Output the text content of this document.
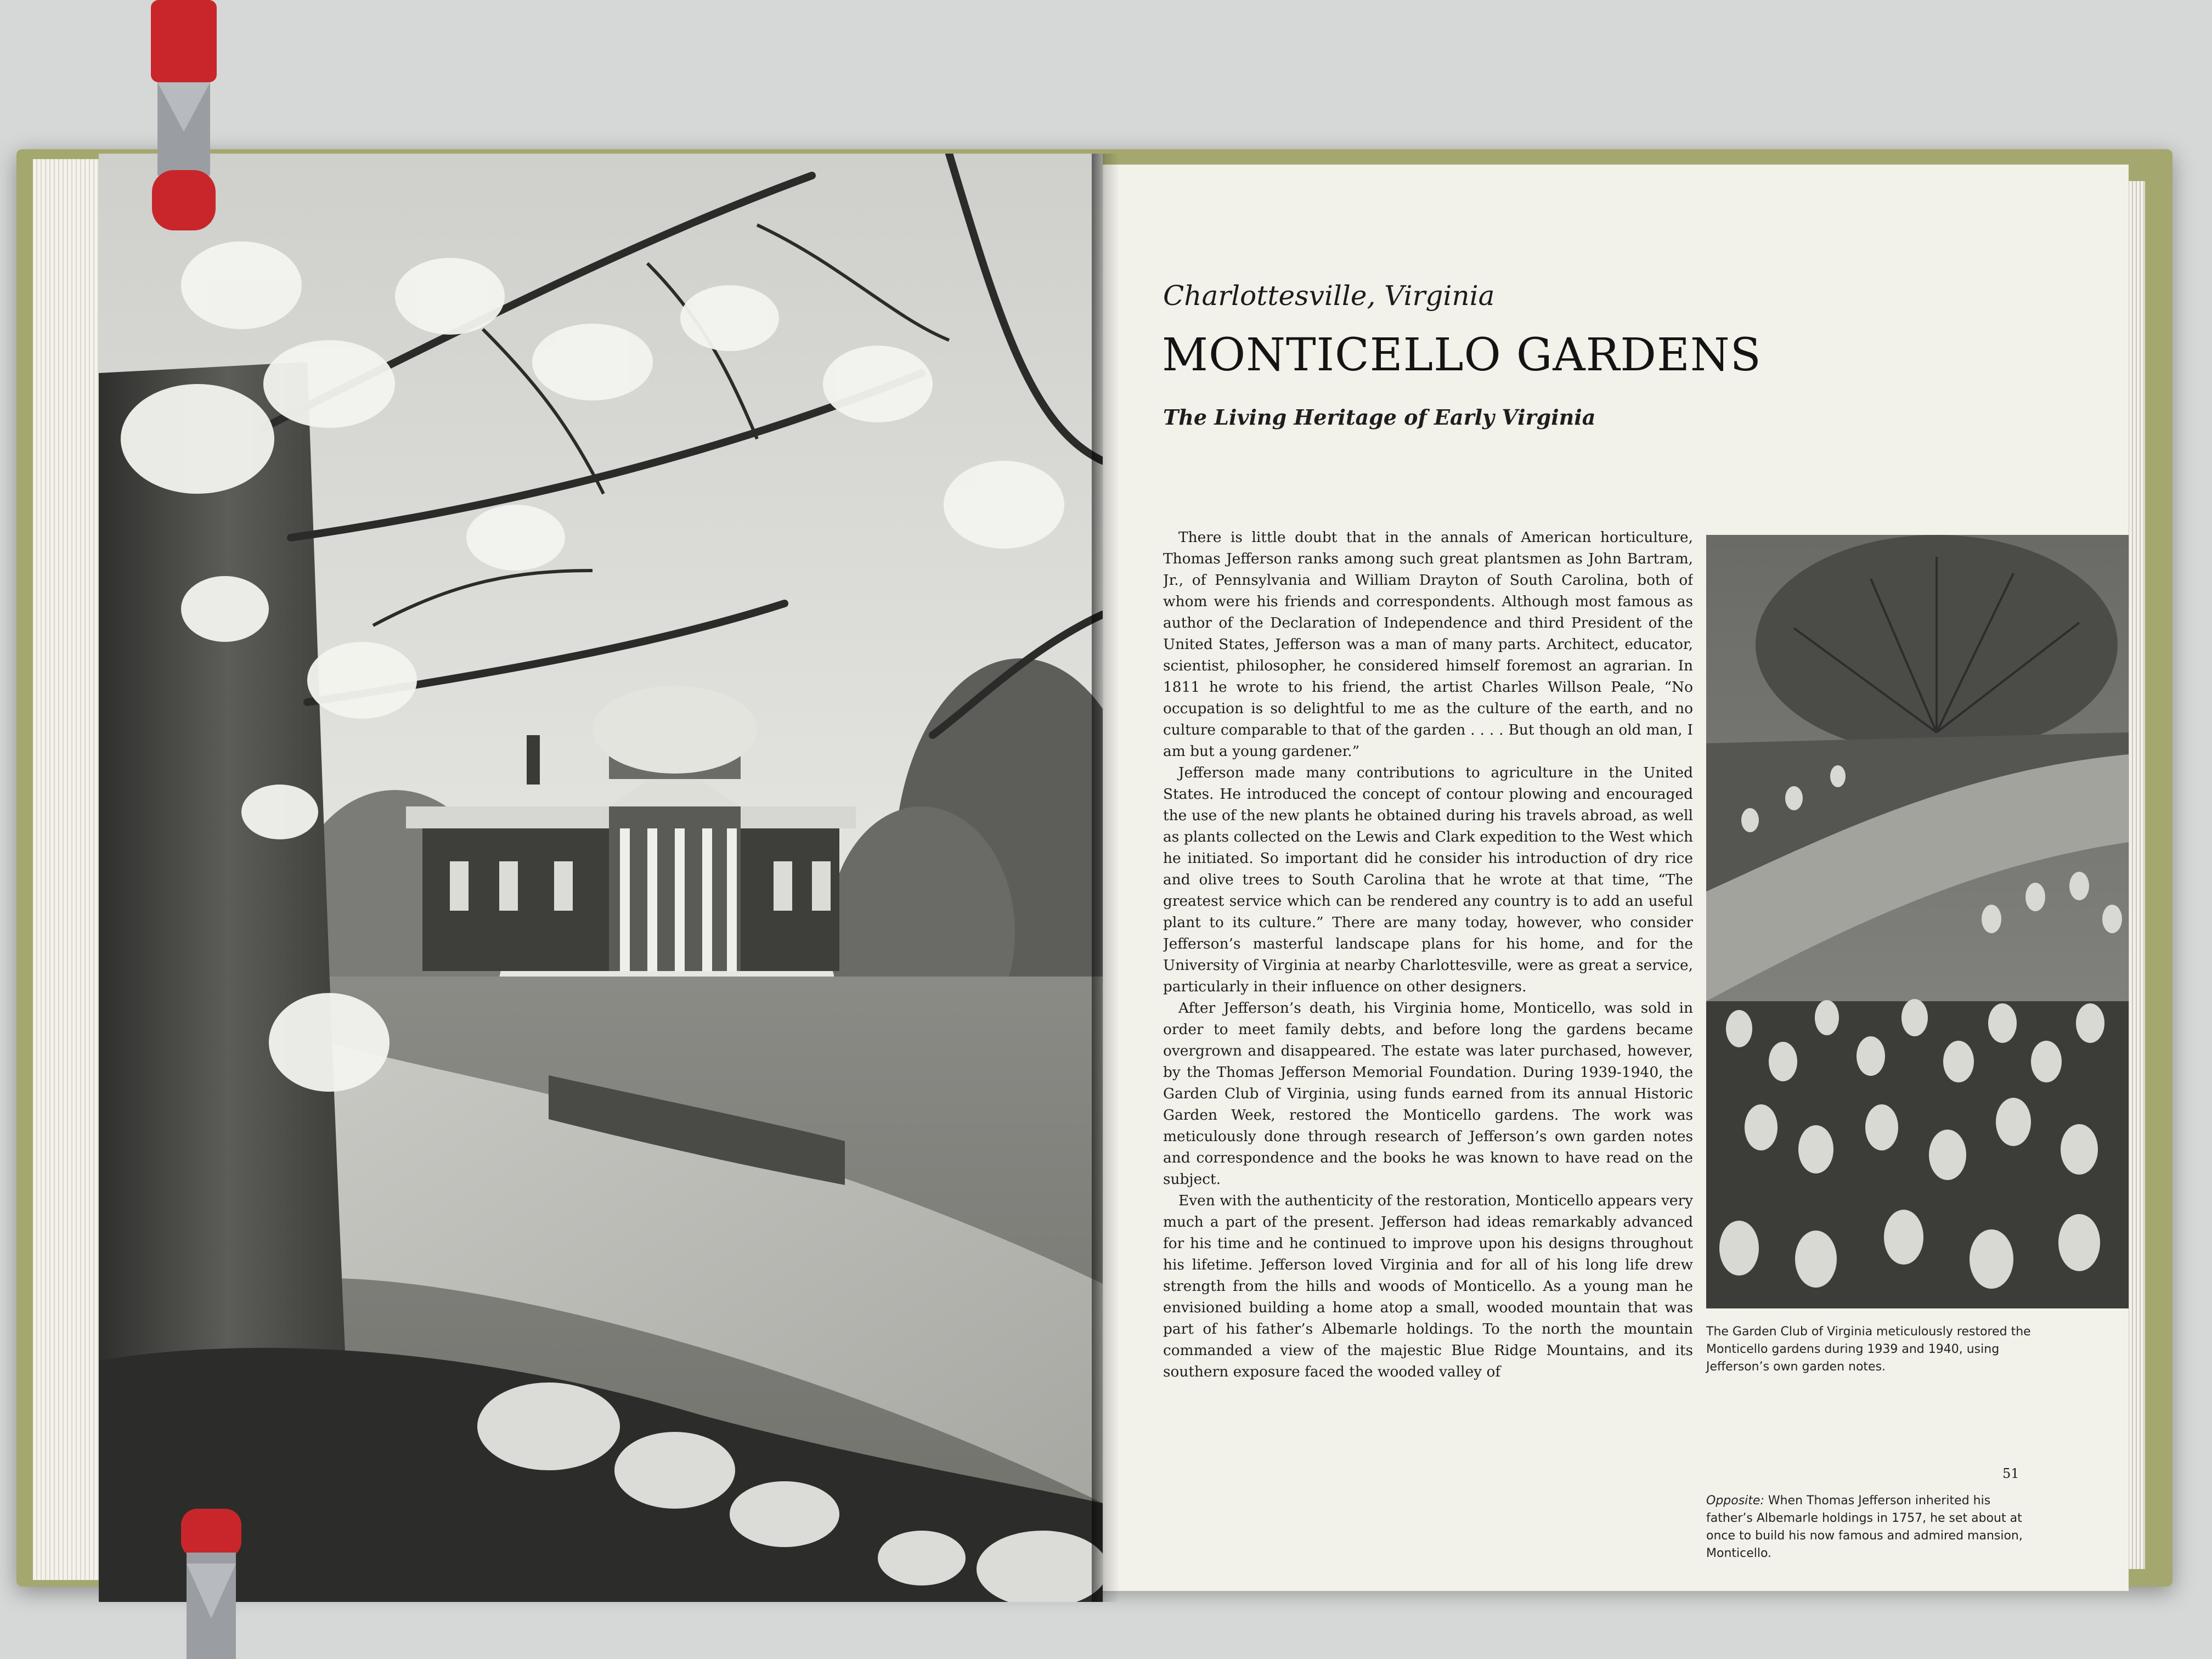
Charlottesville, Virginia

MONTICELLO GARDENS

The Living Heritage of Early Virginia

There is little doubt that in the annals of American horticulture, Thomas Jefferson ranks among such great plantsmen as John Bartram, Jr., of Pennsylvania and William Drayton of South Carolina, both of whom were his friends and correspondents. Although most famous as author of the Declaration of Independence and third President of the United States, Jefferson was a man of many parts. Architect, educator, scientist, philosopher, he considered himself foremost an agrarian. In 1811 he wrote to his friend, the artist Charles Willson Peale, “No occupation is so delightful to me as the culture of the earth, and no culture comparable to that of the garden . . . . But though an old man, I am but a young gardener.”

Jefferson made many contributions to agriculture in the United States. He introduced the concept of contour plowing and encouraged the use of the new plants he obtained during his travels abroad, as well as plants collected on the Lewis and Clark expedition to the West which he initiated. So important did he consider his introduction of dry rice and olive trees to South Carolina that he wrote at that time, “The greatest service which can be rendered any country is to add an useful plant to its culture.” There are many today, however, who consider Jefferson’s masterful landscape plans for his home, and for the University of Virginia at nearby Charlottesville, were as great a service, particularly in their influence on other designers.

After Jefferson’s death, his Virginia home, Monticello, was sold in order to meet family debts, and before long the gardens became overgrown and disappeared. The estate was later purchased, however, by the Thomas Jefferson Memorial Foundation. During 1939-1940, the Garden Club of Virginia, using funds earned from its annual Historic Garden Week, restored the Monticello gardens. The work was meticulously done through research of Jefferson’s own garden notes and correspondence and the books he was known to have read on the subject.

Even with the authenticity of the restoration, Monticello appears very much a part of the present. Jefferson had ideas remarkably advanced for his time and he continued to improve upon his designs throughout his lifetime. Jefferson loved Virginia and for all of his long life drew strength from the hills and woods of Monticello. As a young man he envisioned building a home atop a small, wooded mountain that was part of his father’s Albemarle holdings. To the north the mountain commanded a view of the majestic Blue Ridge Mountains, and its southern exposure faced the wooded valley of

The Garden Club of Virginia meticulously restored the Monticello gardens during 1939 and 1940, using Jefferson’s own garden notes.

Opposite: When Thomas Jefferson inherited his father’s Albemarle holdings in 1757, he set about at once to build his now famous and admired mansion, Monticello.

51
